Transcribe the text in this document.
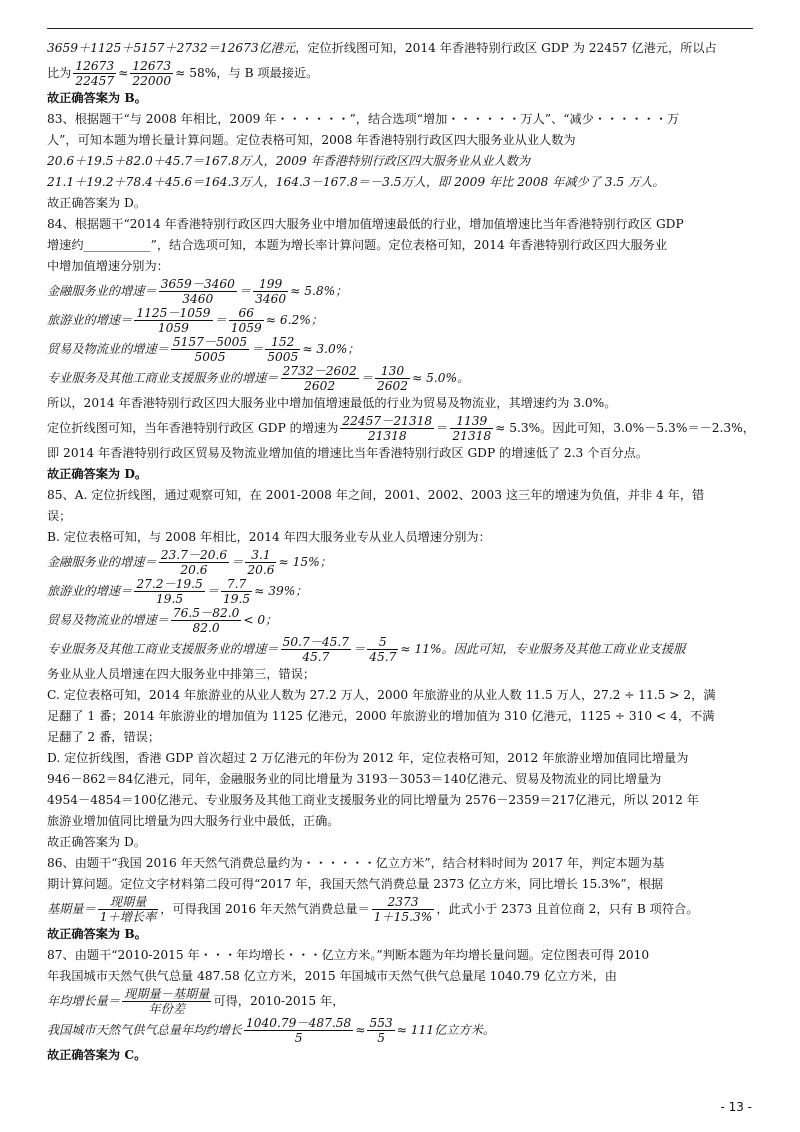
3659＋1125＋5157＋2732＝12673亿港元，定位折线图可知，2014 年香港特别行政区 GDP 为 22457 亿港元，所以占

比为 $\frac{12673}{22457} \approx \frac{12673}{22000} \approx 58\%$，与 B 项最接近。

故正确答案为 B。

83、根据题干“与 2008 年相比，2009 年・・・・・・”，结合选项“增加・・・・・・万人”、“减少・・・・・・万

人”，可知本题为增长量计算问题。定位表格可知，2008 年香港特别行政区四大服务业从业人数为

20.6＋19.5＋82.0＋45.7＝167.8万人，2009 年香港特别行政区四大服务业从业人数为

21.1＋19.2＋78.4＋45.6＝164.3万人，164.3－167.8＝－3.5万人，即 2009 年比 2008 年减少了 3.5 万人。

故正确答案为 D。

84、根据题干“2014 年香港特别行政区四大服务业中增加值增速最低的行业，增加值增速比当年香港特别行政区 GDP

增速约___________”，结合选项可知，本题为增长率计算问题。定位表格可知，2014 年香港特别行政区四大服务业

中增加值增速分别为：

金融服务业的增速＝ $\frac{3659-3460}{3460} = \frac{199}{3460} \approx 5.8\%$；
旅游业的增速＝ $\frac{1125-1059}{1059} = \frac{66}{1059} \approx 6.2\%$；
贸易及物流业的增速＝ $\frac{5157-5005}{5005} = \frac{152}{5005} \approx 3.0\%$；
专业服务及其他工商业支援服务业的增速＝ $\frac{2732-2602}{2602} = \frac{130}{2602} \approx 5.0\%$。

所以，2014 年香港特别行政区四大服务业中增加值增速最低的行业为贸易及物流业，其增速约为 3.0%。

定位折线图可知，当年香港特别行政区 GDP 的增速为 $\frac{22457-21318}{21318} = \frac{1139}{21318} \approx 5.3\%$。因此可知，3.0%－5.3%＝－2.3%，

即 2014 年香港特别行政区贸易及物流业增加值的增速比当年香港特别行政区 GDP 的增速低了 2.3 个百分点。

故正确答案为 D。

85、A. 定位折线图，通过观察可知，在 2001-2008 年之间，2001、2002、2003 这三年的增速为负值，并非 4 年，错

误；

B. 定位表格可知，与 2008 年相比，2014 年四大服务业专从业人员增速分别为：

金融服务业的增速＝ $\frac{23.7-20.6}{20.6} = \frac{3.1}{20.6} \approx 15\%$；
旅游业的增速＝ $\frac{27.2-19.5}{19.5} = \frac{7.7}{19.5} \approx 39\%$；
贸易及物流业的增速＝ $\frac{76.5-82.0}{82.0} < 0$；
专业服务及其他工商业支援服务业的增速＝ $\frac{50.7-45.7}{45.7} = \frac{5}{45.7} \approx 11\%$。因此可知，专业服务及其他工商业业支援服

务业从业人员增速在四大服务业中排第三，错误；

C. 定位表格可知，2014 年旅游业的从业人数为 27.2 万人，2000 年旅游业的从业人数 11.5 万人，27.2 ÷ 11.5 > 2，满

足翻了 1 番；2014 年旅游业的增加值为 1125 亿港元，2000 年旅游业的增加值为 310 亿港元，1125 ÷ 310 < 4，不满

足翻了 2 番，错误；

D. 定位折线图，香港 GDP 首次超过 2 万亿港元的年份为 2012 年，定位表格可知，2012 年旅游业增加值同比增量为

946－862＝84亿港元，同年，金融服务业的同比增量为 3193－3053＝140亿港元、贸易及物流业的同比增量为

4954－4854＝100亿港元、专业服务及其他工商业支援服务业的同比增量为 2576－2359＝217亿港元，所以 2012 年

旅游业增加值同比增量为四大服务行业中最低，正确。

故正确答案为 D。

86、由题干“我国 2016 年天然气消费总量约为・・・・・・亿立方米”，结合材料时间为 2017 年，判定本题为基

期计算问题。定位文字材料第二段可得“2017 年，我国天然气消费总量 2373 亿立方米，同比增长 15.3%”，根据

基期量＝ $\frac{\text{现期量}}{\text{1＋增长率}}$ ，可得我国 2016 年天然气消费总量＝ $\frac{2373}{1+15.3\%}$ ，此式小于 2373 且首位商 2，只有 B 项符合。

故正确答案为 B。

87、由题干“2010-2015 年・・・年均增长・・・亿立方米。”判断本题为年均增长量问题。定位图表可得 2010

年我国城市天然气供气总量 487.58 亿立方米，2015 年国城市天然气供气总量尾 1040.79 亿立方米，由

年均增长量＝ $\frac{\text{现期量－基期量}}{\text{年份差}}$ 可得，2010-2015 年，
我国城市天然气供气总量年均约增长 $\frac{1040.79-487.58}{5} \approx \frac{553}{5} \approx 111$亿立方米。

故正确答案为 C。

- 13 -
